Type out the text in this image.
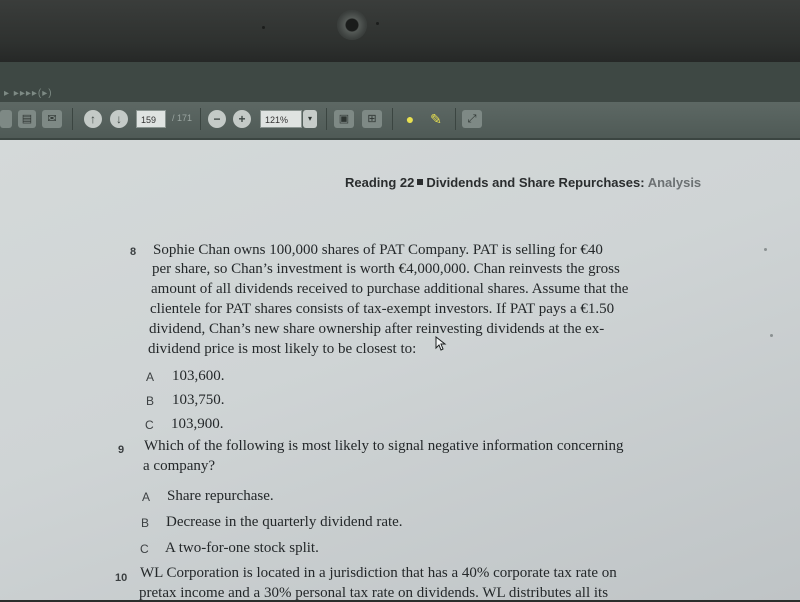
▸ ▸▸▸▸(▸)
▤	✉	↑	↓	159	/ 171	−	+	121%	▾	▣	⊞	●	✎	⤢
Reading 22 Dividends and Share Repurchases: Analysis
8 Sophie Chan owns 100,000 shares of PAT Company. PAT is selling for €40
per share, so Chan’s investment is worth €4,000,000. Chan reinvests the gross
amount of all dividends received to purchase additional shares. Assume that the
clientele for PAT shares consists of tax-exempt investors. If PAT pays a €1.50
dividend, Chan’s new share ownership after reinvesting dividends at the ex-
dividend price is most likely to be closest to:
A 103,600.
B 103,750.
C 103,900.
9 Which of the following is most likely to signal negative information concerning
a company?
A Share repurchase.
B Decrease in the quarterly dividend rate.
C A two-for-one stock split.
10 WL Corporation is located in a jurisdiction that has a 40% corporate tax rate on
pretax income and a 30% personal tax rate on dividends. WL distributes all its
